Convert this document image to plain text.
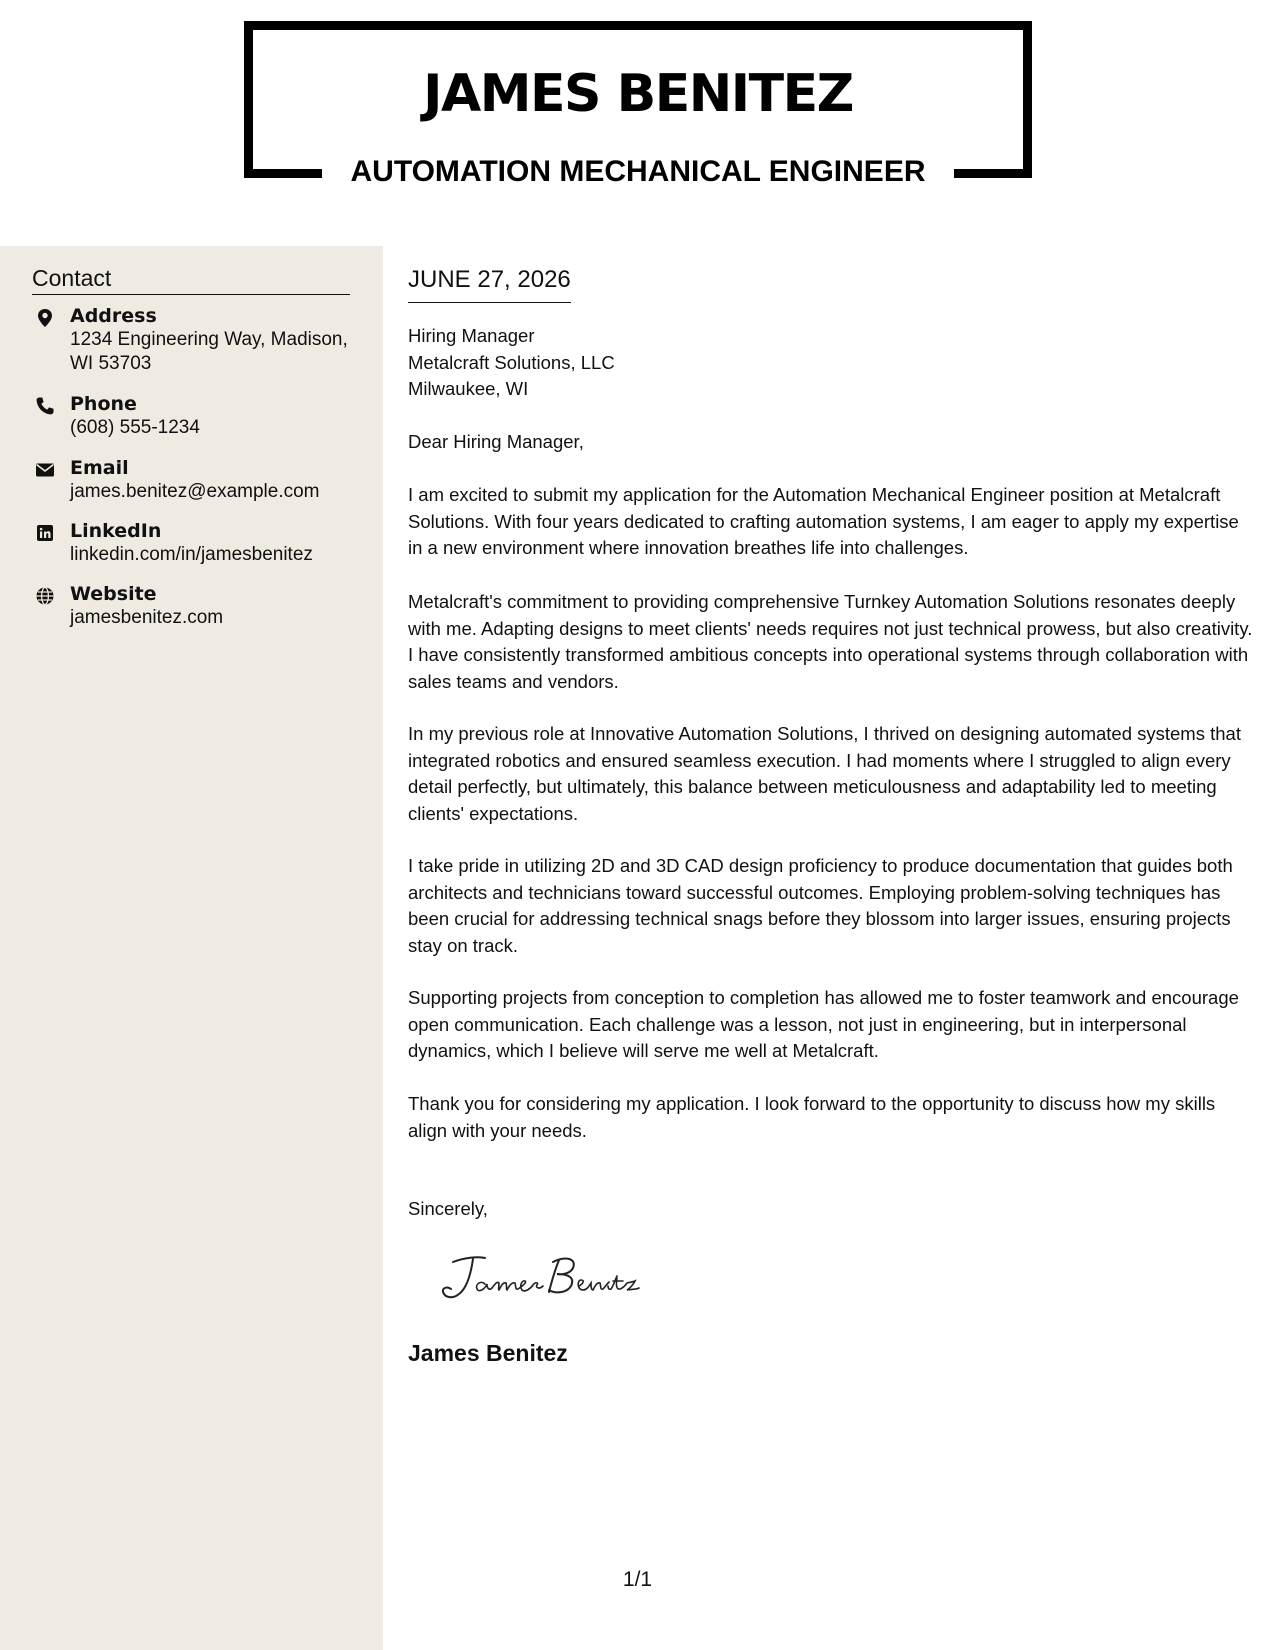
JAMES BENITEZ
AUTOMATION MECHANICAL ENGINEER
Contact
Address
1234 Engineering Way, Madison, WI 53703
Phone
(608) 555-1234
Email
james.benitez@example.com
LinkedIn
linkedin.com/in/jamesbenitez
Website
jamesbenitez.com
JUNE 27, 2026
Hiring Manager
Metalcraft Solutions, LLC
Milwaukee, WI
Dear Hiring Manager,
I am excited to submit my application for the Automation Mechanical Engineer position at Metalcraft Solutions. With four years dedicated to crafting automation systems, I am eager to apply my expertise in a new environment where innovation breathes life into challenges.
Metalcraft's commitment to providing comprehensive Turnkey Automation Solutions resonates deeply with me. Adapting designs to meet clients' needs requires not just technical prowess, but also creativity. I have consistently transformed ambitious concepts into operational systems through collaboration with sales teams and vendors.
In my previous role at Innovative Automation Solutions, I thrived on designing automated systems that integrated robotics and ensured seamless execution. I had moments where I struggled to align every detail perfectly, but ultimately, this balance between meticulousness and adaptability led to meeting clients' expectations.
I take pride in utilizing 2D and 3D CAD design proficiency to produce documentation that guides both architects and technicians toward successful outcomes. Employing problem-solving techniques has been crucial for addressing technical snags before they blossom into larger issues, ensuring projects stay on track.
Supporting projects from conception to completion has allowed me to foster teamwork and encourage open communication. Each challenge was a lesson, not just in engineering, but in interpersonal dynamics, which I believe will serve me well at Metalcraft.
Thank you for considering my application. I look forward to the opportunity to discuss how my skills align with your needs.
Sincerely,
James Benitez
1/1
